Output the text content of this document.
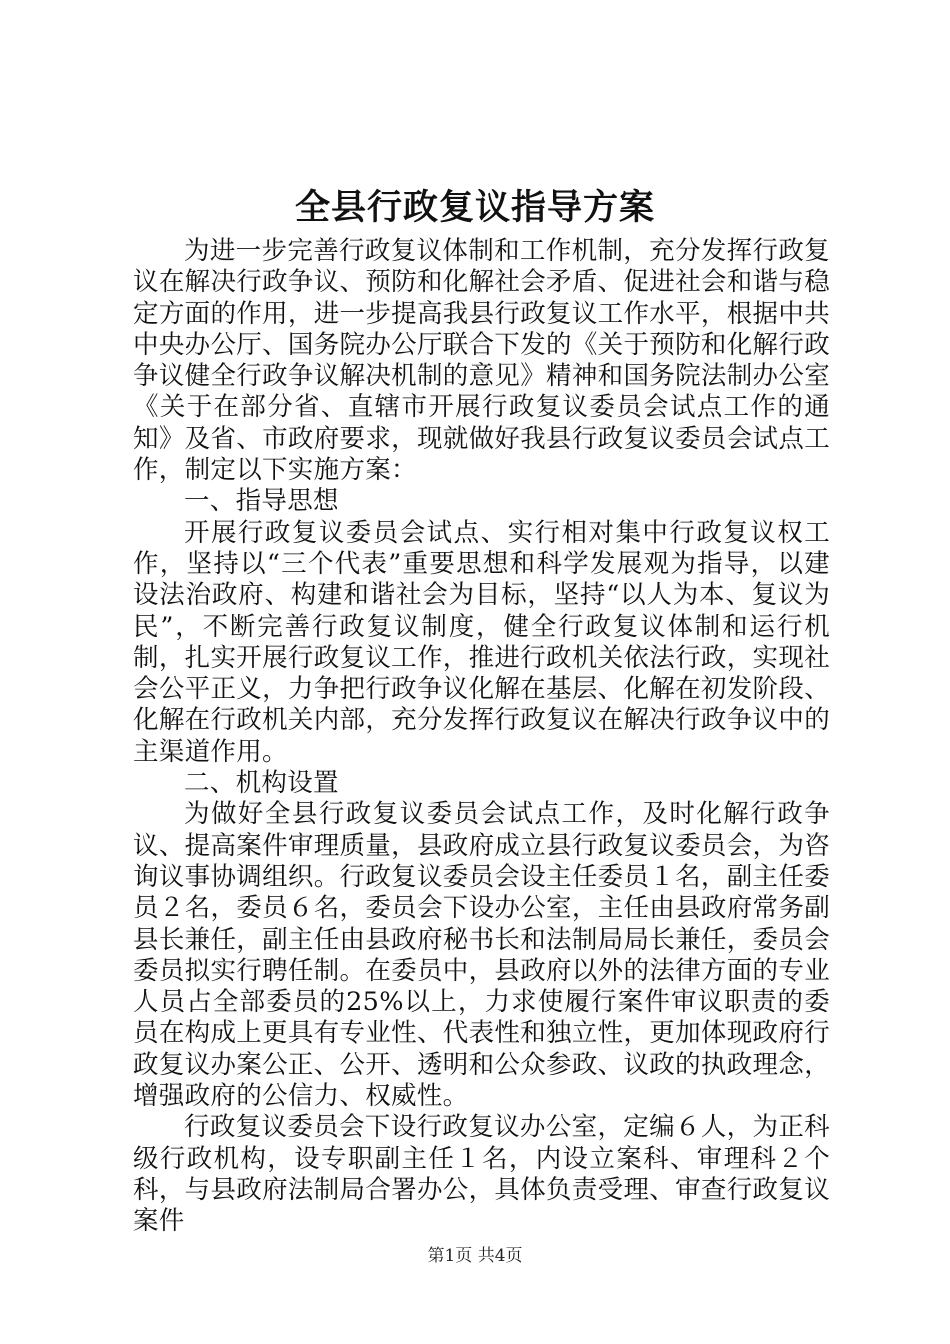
全县行政复议指导方案

为进一步完善行政复议体制和工作机制，充分发挥行政复议在解决行政争议、预防和化解社会矛盾、促进社会和谐与稳定方面的作用，进一步提高我县行政复议工作水平，根据中共中央办公厅、国务院办公厅联合下发的《关于预防和化解行政争议健全行政争议解决机制的意见》精神和国务院法制办公室《关于在部分省、直辖市开展行政复议委员会试点工作的通知》及省、市政府要求，现就做好我县行政复议委员会试点工作，制定以下实施方案：

一、指导思想

开展行政复议委员会试点、实行相对集中行政复议权工作，坚持以“三个代表”重要思想和科学发展观为指导，以建设法治政府、构建和谐社会为目标，坚持“以人为本、复议为民”，不断完善行政复议制度，健全行政复议体制和运行机制，扎实开展行政复议工作，推进行政机关依法行政，实现社会公平正义，力争把行政争议化解在基层、化解在初发阶段、化解在行政机关内部，充分发挥行政复议在解决行政争议中的主渠道作用。

二、机构设置

为做好全县行政复议委员会试点工作，及时化解行政争议、提高案件审理质量，县政府成立县行政复议委员会，为咨询议事协调组织。行政复议委员会设主任委员１名，副主任委员２名，委员６名，委员会下设办公室，主任由县政府常务副县长兼任，副主任由县政府秘书长和法制局局长兼任，委员会委员拟实行聘任制。在委员中，县政府以外的法律方面的专业人员占全部委员的25%以上，力求使履行案件审议职责的委员在构成上更具有专业性、代表性和独立性，更加体现政府行政复议办案公正、公开、透明和公众参政、议政的执政理念，增强政府的公信力、权威性。

行政复议委员会下设行政复议办公室，定编６人，为正科级行政机构，设专职副主任１名，内设立案科、审理科２个科，与县政府法制局合署办公，具体负责受理、审查行政复议案件

第1页 共4页
